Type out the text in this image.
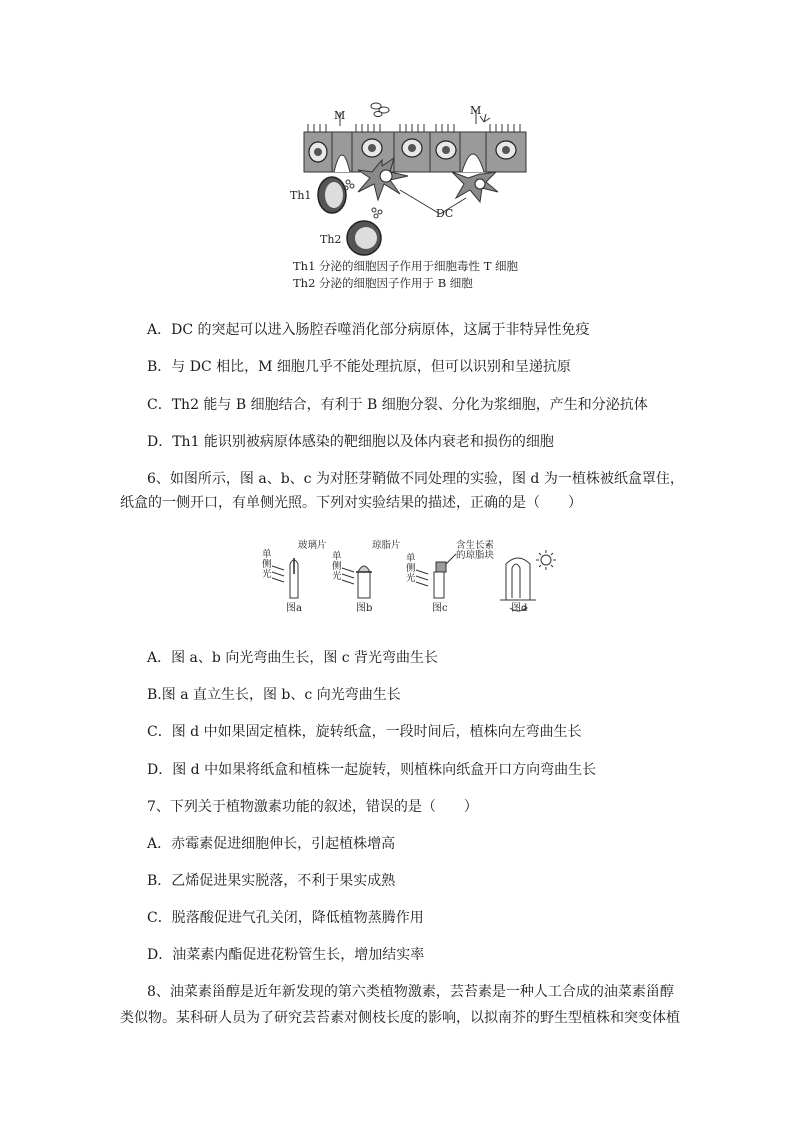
M	M
Th1
Th2
DC
Th1 分泌的细胞因子作用于细胞毒性 T 细胞
Th2 分泌的细胞因子作用于 B 细胞
A．DC 的突起可以进入肠腔吞噬消化部分病原体，这属于非特异性免疫
B．与 DC 相比，M 细胞几乎不能处理抗原，但可以识别和呈递抗原
C．Th2 能与 B 细胞结合，有利于 B 细胞分裂、分化为浆细胞，产生和分泌抗体
D．Th1 能识别被病原体感染的靶细胞以及体内衰老和损伤的细胞
6、如图所示，图 a、b、c 为对胚芽鞘做不同处理的实验，图 d 为一植株被纸盒罩住，
纸盒的一侧开口，有单侧光照。下列对实验结果的描述，正确的是（　　）
单侧光
玻璃片
单侧光
琼脂片
单侧光
含生长素
的琼脂块
图a	图b	图c	图d
A．图 a、b 向光弯曲生长，图 c 背光弯曲生长
B.图 a 直立生长，图 b、c 向光弯曲生长
C．图 d 中如果固定植株，旋转纸盒，一段时间后，植株向左弯曲生长
D．图 d 中如果将纸盒和植株一起旋转，则植株向纸盒开口方向弯曲生长
7、下列关于植物激素功能的叙述，错误的是（　　）
A．赤霉素促进细胞伸长，引起植株增高
B．乙烯促进果实脱落，不利于果实成熟
C．脱落酸促进气孔关闭，降低植物蒸腾作用
D．油菜素内酯促进花粉管生长，增加结实率
8、油菜素甾醇是近年新发现的第六类植物激素，芸苔素是一种人工合成的油菜素甾醇
类似物。某科研人员为了研究芸苔素对侧枝长度的影响，以拟南芥的野生型植株和突变体植
